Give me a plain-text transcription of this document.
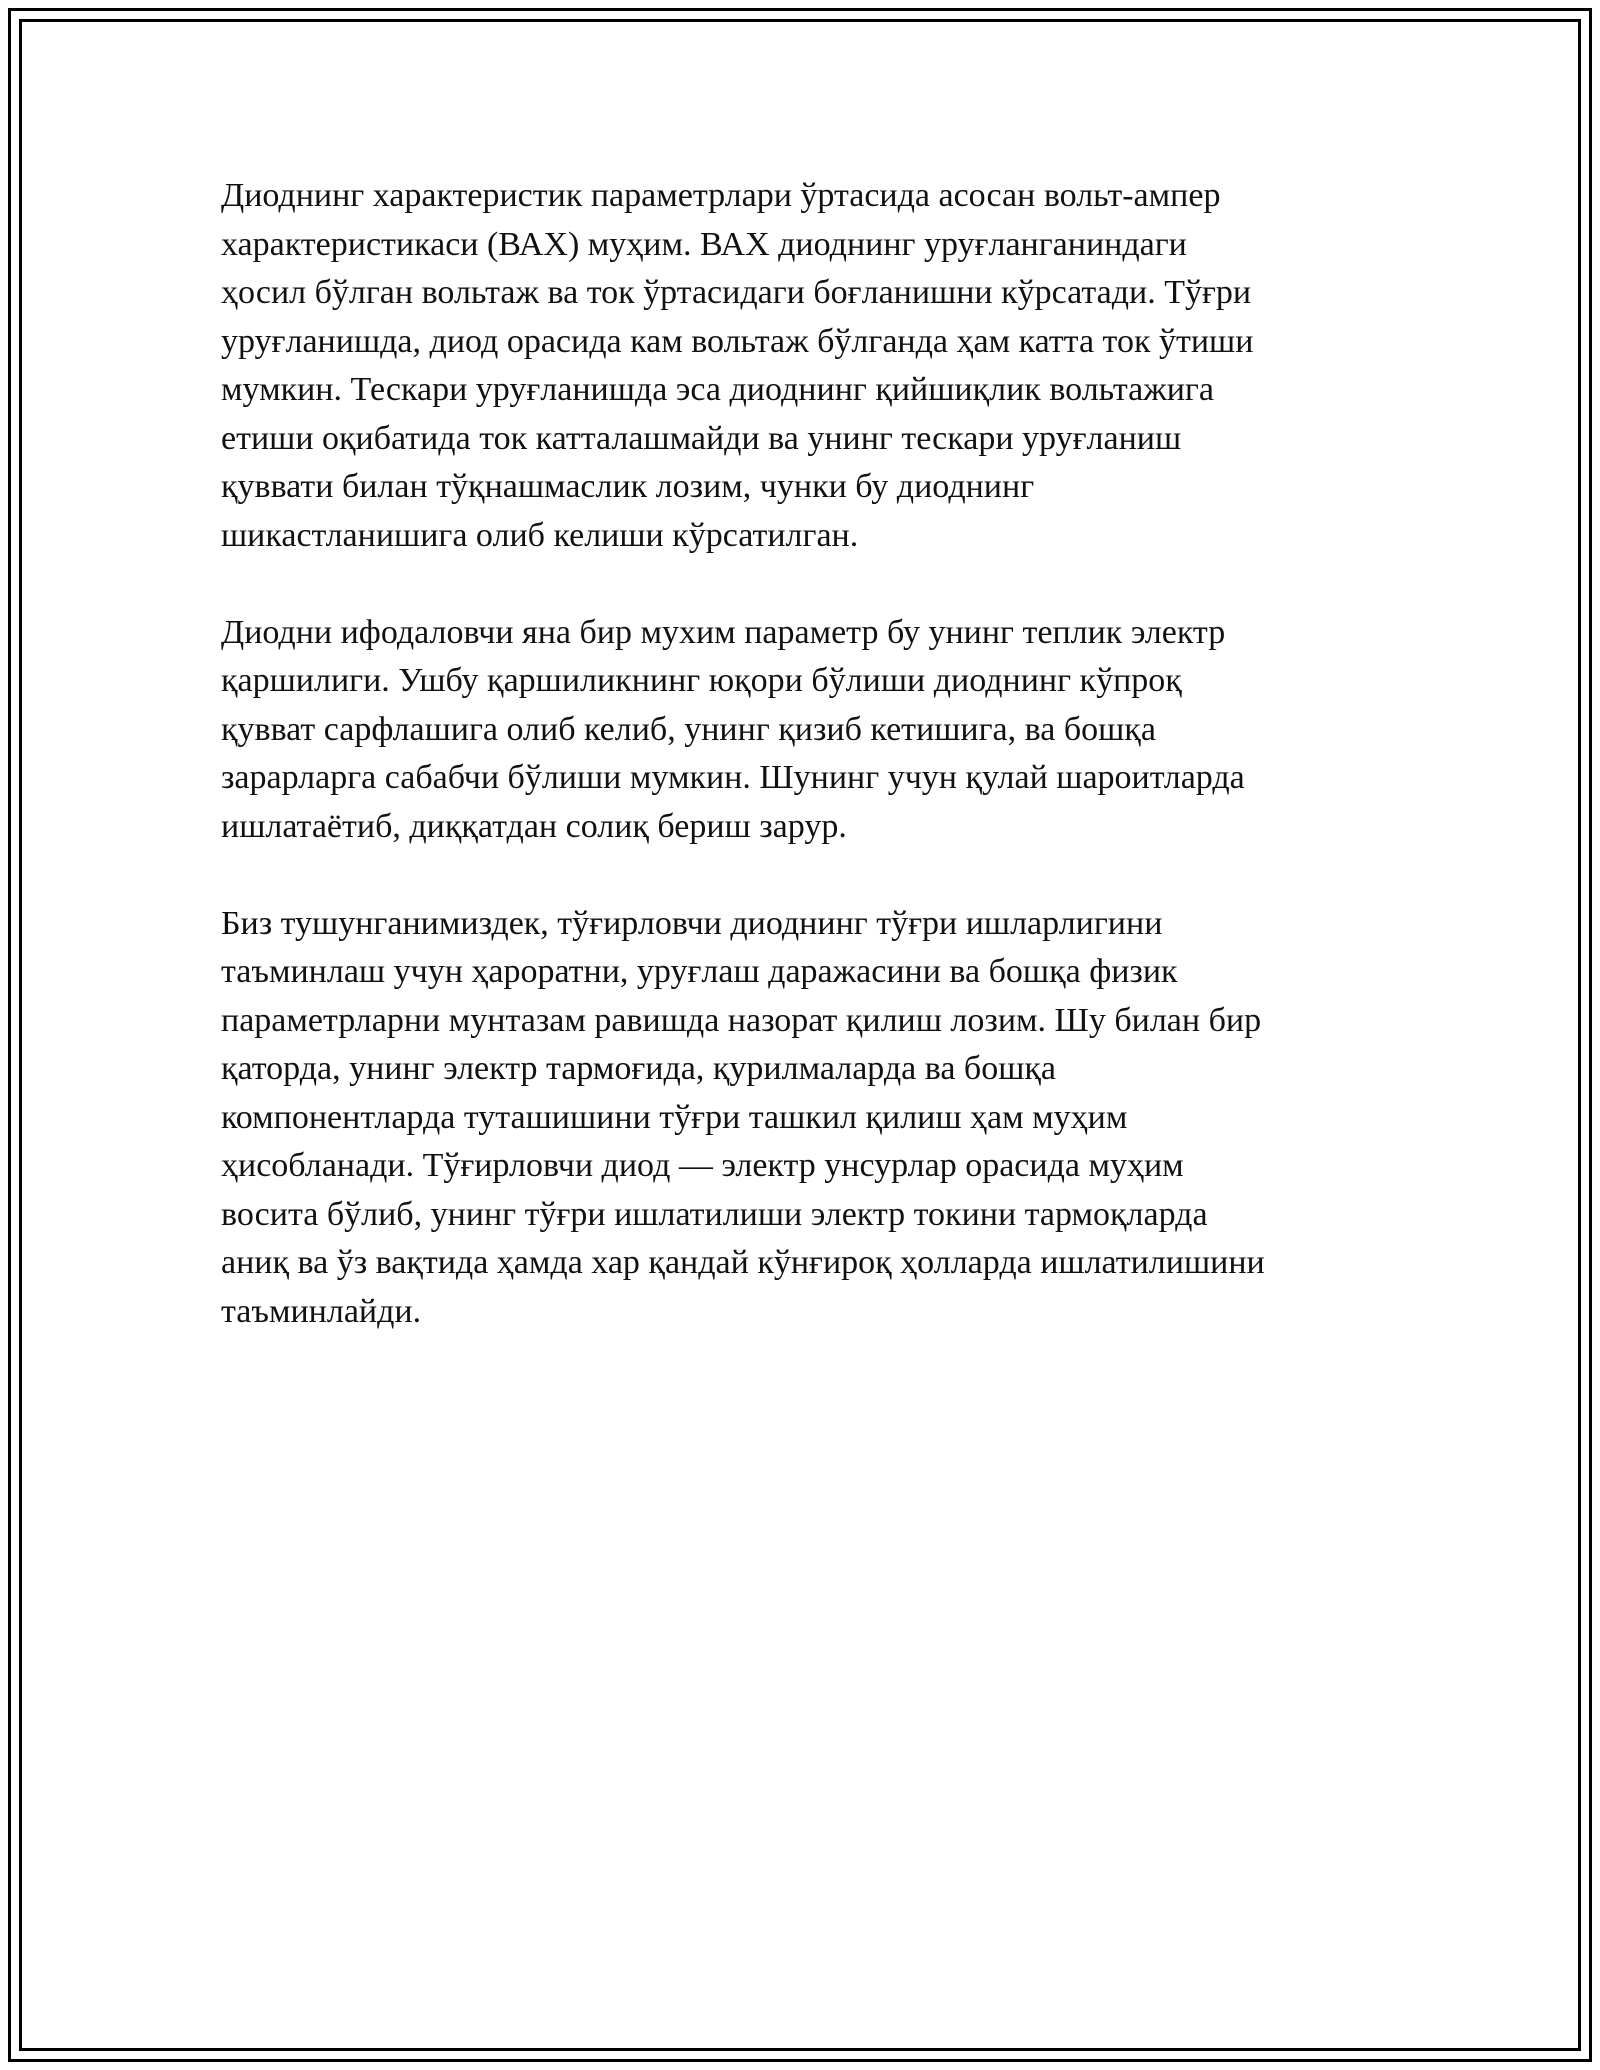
Диоднинг характеристик параметрлари ўртасида асосан вольт-ампер
характеристикаси (ВАХ) муҳим. ВАХ диоднинг уруғланганиндаги
ҳосил бўлган вольтаж ва ток ўртасидаги боғланишни кўрсатади. Тўғри
уруғланишда, диод орасида кам вольтаж бўлганда ҳам катта ток ўтиши
мумкин. Тескари уруғланишда эса диоднинг қийшиқлик вольтажига
етиши оқибатида ток катталашмайди ва унинг тескари уруғланиш
қуввати билан тўқнашмаслик лозим, чунки бу диоднинг
шикастланишига олиб келиши кўрсатилган.

Диодни ифодаловчи яна бир мухим параметр бу унинг теплик электр
қаршилиги. Ушбу қаршиликнинг юқори бўлиши диоднинг кўпроқ
қувват сарфлашига олиб келиб, унинг қизиб кетишига, ва бошқа
зарарларга сабабчи бўлиши мумкин. Шунинг учун қулай шароитларда
ишлатаётиб, диққатдан солиқ бериш зарур.

Биз тушунганимиздек, тўғирловчи диоднинг тўғри ишларлигини
таъминлаш учун ҳароратни, уруғлаш даражасини ва бошқа физик
параметрларни мунтазам равишда назорат қилиш лозим. Шу билан бир
қаторда, унинг электр тармоғида, қурилмаларда ва бошқа
компонентларда туташишини тўғри ташкил қилиш ҳам муҳим
ҳисобланади. Тўғирловчи диод — электр унсурлар орасида муҳим
восита бўлиб, унинг тўғри ишлатилиши электр токини тармоқларда
аниқ ва ўз вақтида ҳамда хар қандай кўнғироқ ҳолларда ишлатилишини
таъминлайди.
